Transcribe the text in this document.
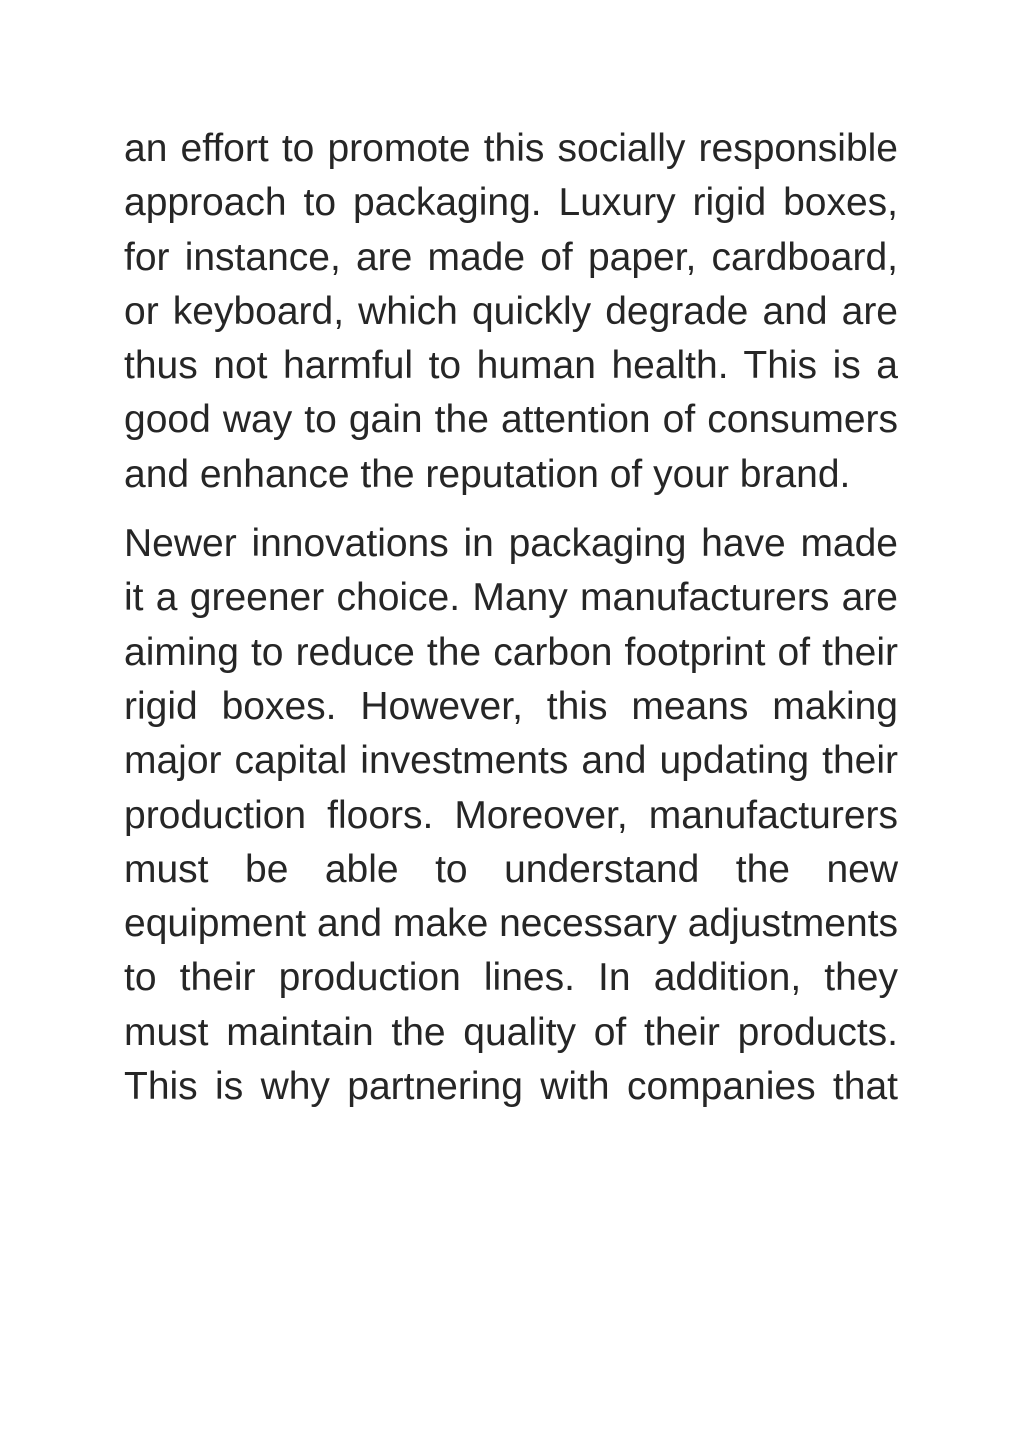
an effort to promote this socially responsible approach to packaging. Luxury rigid boxes, for instance, are made of paper, cardboard, or keyboard, which quickly degrade and are thus not harmful to human health. This is a good way to gain the attention of consumers and enhance the reputation of your brand.

Newer innovations in packaging have made it a greener choice. Many manufacturers are aiming to reduce the carbon footprint of their rigid boxes. However, this means making major capital investments and updating their production floors. Moreover, manufacturers must be able to understand the new equipment and make necessary adjustments to their production lines. In addition, they must maintain the quality of their products. This is why partnering with companies that
